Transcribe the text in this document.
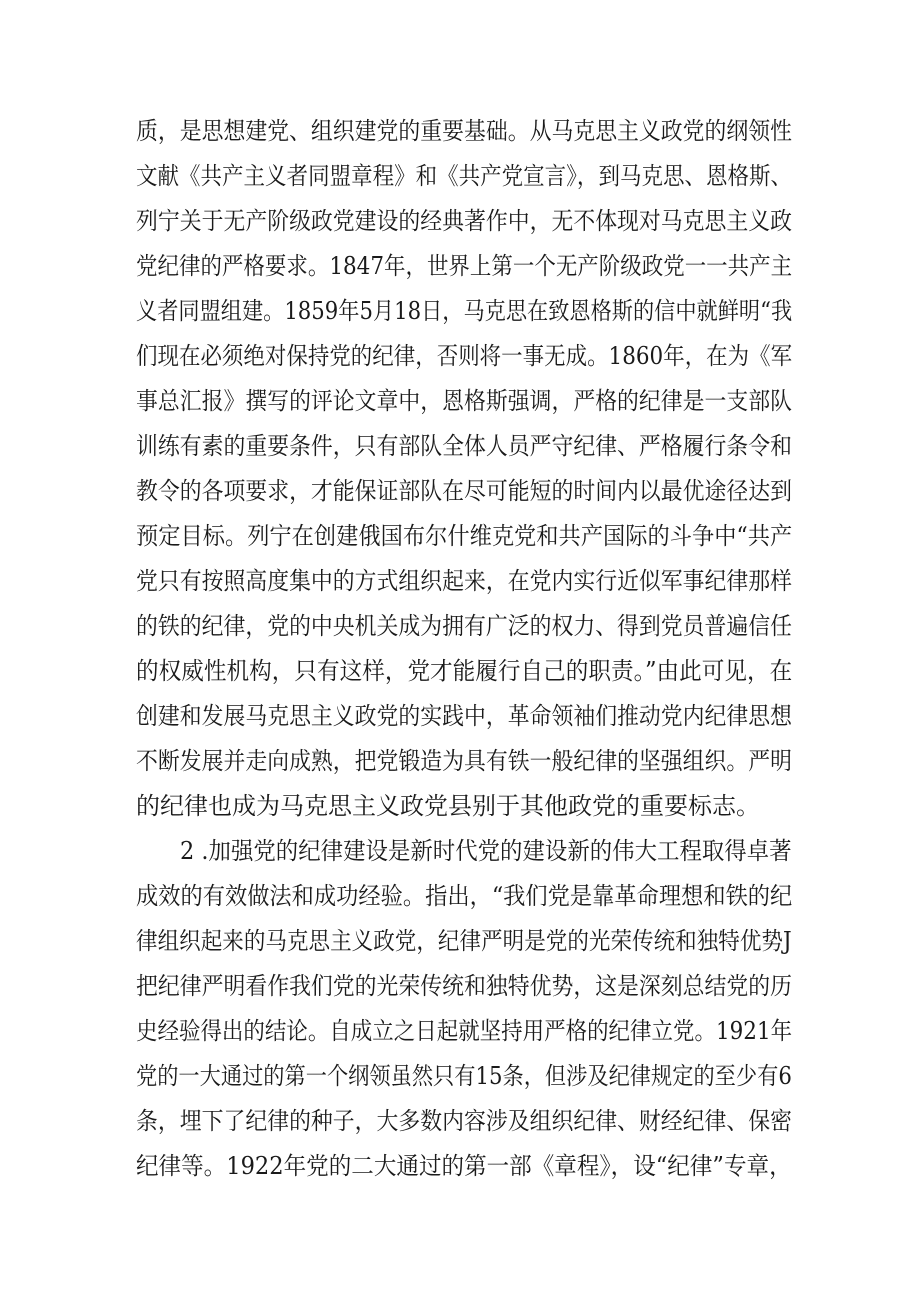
质，是思想建党、组织建党的重要基础。从马克思主义政党的纲领性

文献《共产主义者同盟章程》和《共产党宣言》，到马克思、恩格斯、

列宁关于无产阶级政党建设的经典著作中，无不体现对马克思主义政

党纪律的严格要求。1847年，世界上第一个无产阶级政党一一共产主

义者同盟组建。1859年5月18日，马克思在致恩格斯的信中就鲜明“我

们现在必须绝对保持党的纪律，否则将一事无成。1860年，在为《军

事总汇报》撰写的评论文章中，恩格斯强调，严格的纪律是一支部队

训练有素的重要条件，只有部队全体人员严守纪律、严格履行条令和

教令的各项要求，才能保证部队在尽可能短的时间内以最优途径达到

预定目标。列宁在创建俄国布尔什维克党和共产国际的斗争中“共产

党只有按照高度集中的方式组织起来，在党内实行近似军事纪律那样

的铁的纪律，党的中央机关成为拥有广泛的权力、得到党员普遍信任

的权威性机构，只有这样，党才能履行自己的职责。”由此可见，在

创建和发展马克思主义政党的实践中，革命领袖们推动党内纪律思想

不断发展并走向成熟，把党锻造为具有铁一般纪律的坚强组织。严明

的纪律也成为马克思主义政党县别于其他政党的重要标志。

2 .加强党的纪律建设是新时代党的建设新的伟大工程取得卓著

成效的有效做法和成功经验。指出，“我们党是靠革命理想和铁的纪

律组织起来的马克思主义政党，纪律严明是党的光荣传统和独特优势J

把纪律严明看作我们党的光荣传统和独特优势，这是深刻总结党的历

史经验得出的结论。自成立之日起就坚持用严格的纪律立党。1921年

党的一大通过的第一个纲领虽然只有15条，但涉及纪律规定的至少有6

条，埋下了纪律的种子，大多数内容涉及组织纪律、财经纪律、保密

纪律等。1922年党的二大通过的第一部《章程》，设“纪律”专章，
